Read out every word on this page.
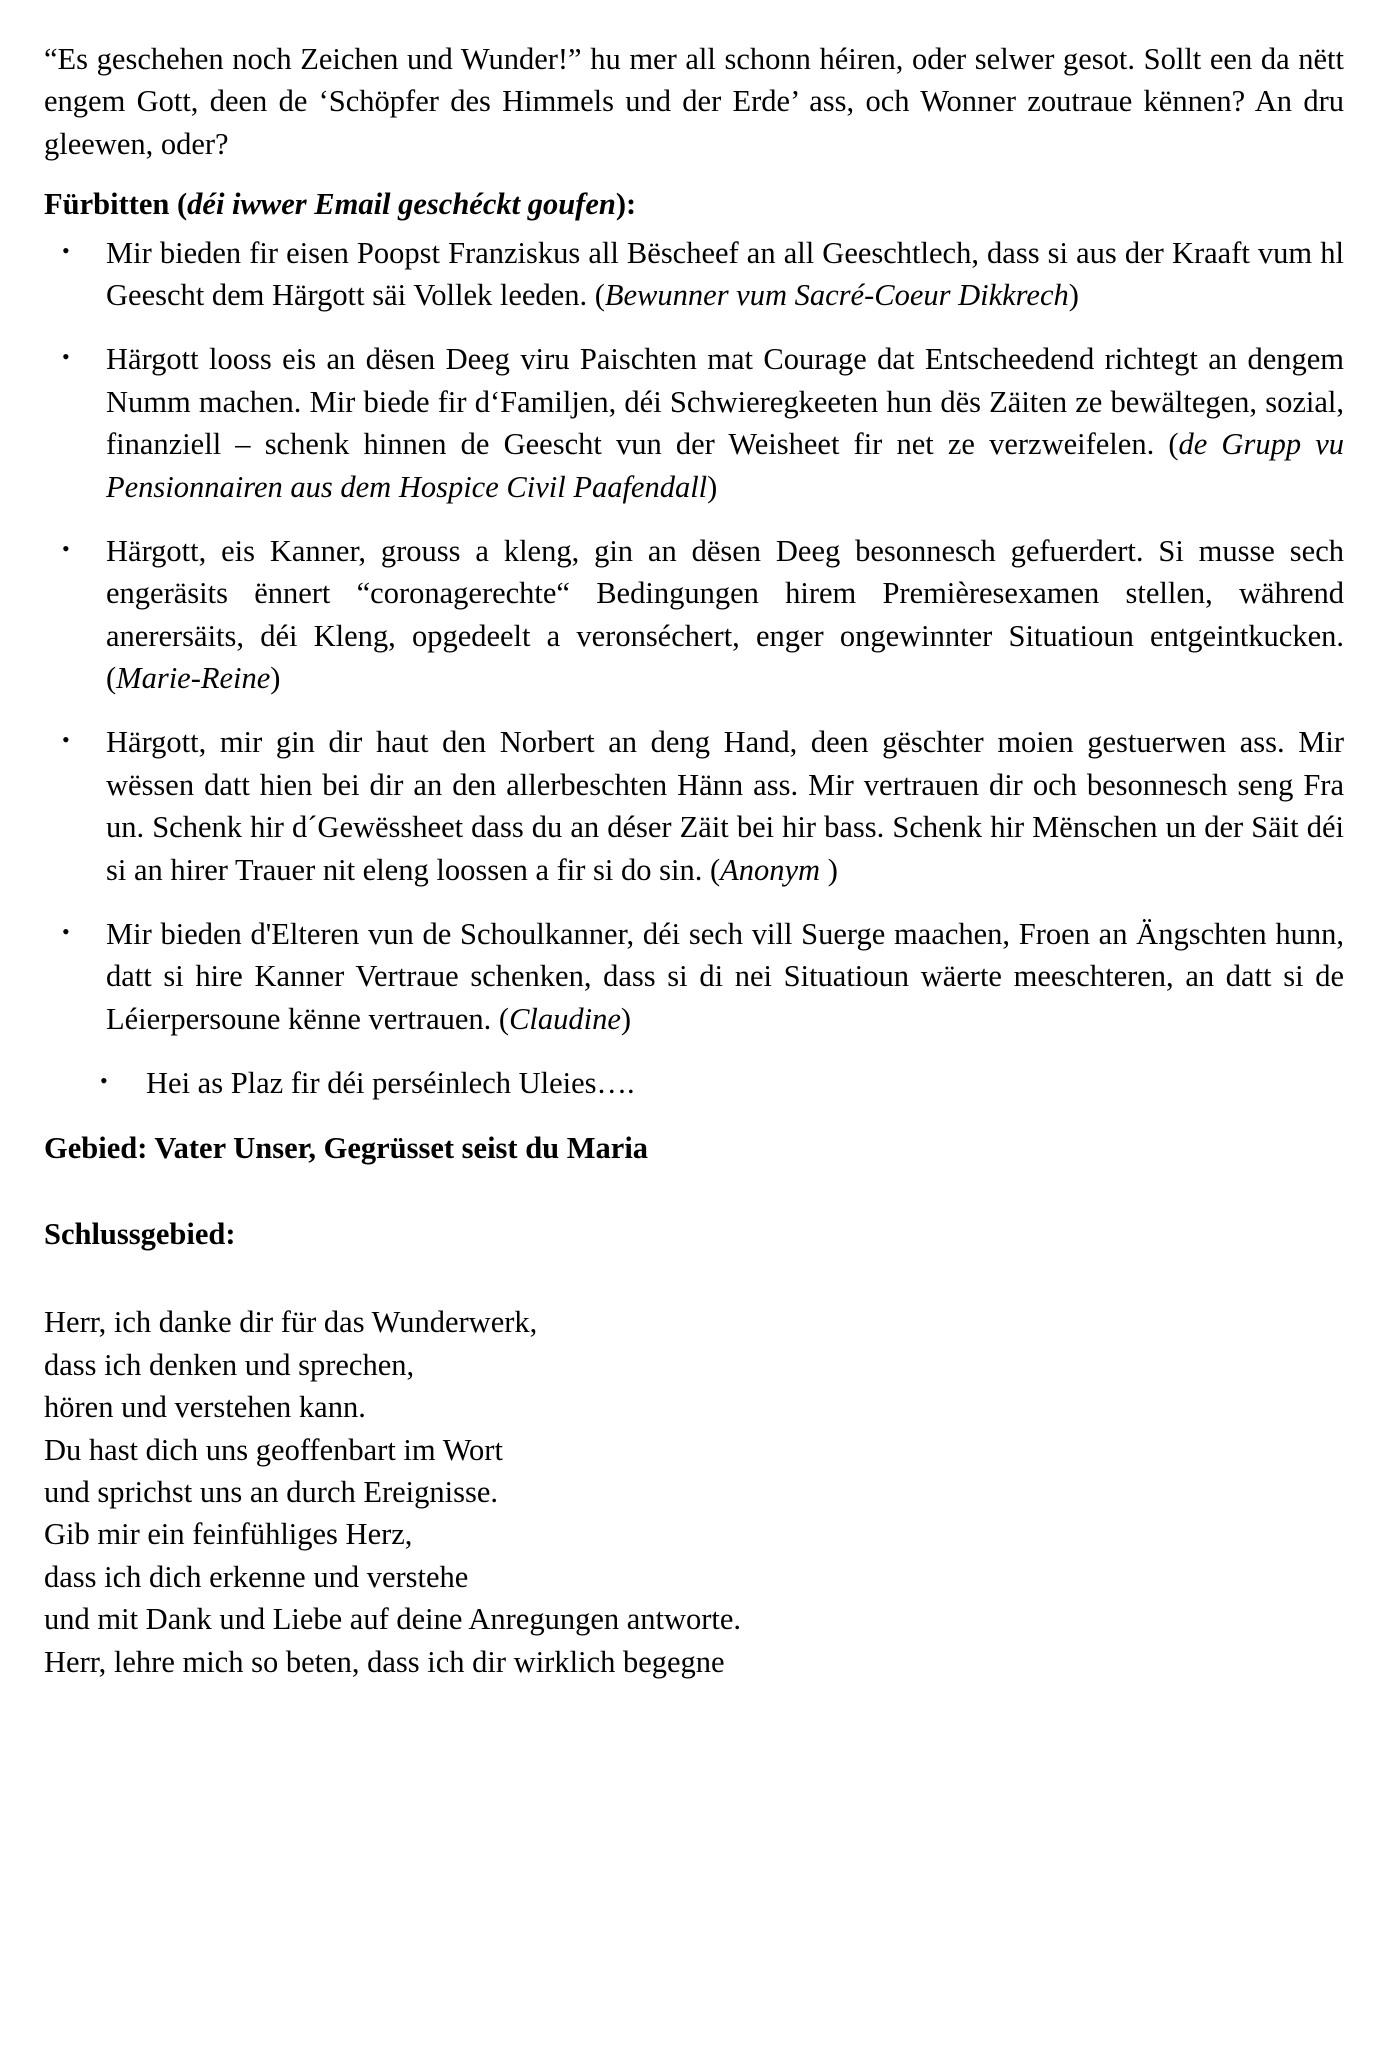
“Es geschehen noch Zeichen und Wunder!” hu mer all schonn héiren, oder selwer gesot. Sollt een da nëtt engem Gott, deen de ‘Schöpfer des Himmels und der Erde’ ass, och Wonner zoutraue kënnen? An dru gleewen, oder?

Fürbitten (déi iwwer Email geschéckt goufen):

• Mir bieden fir eisen Poopst Franziskus all Bëscheef an all Geeschtlech, dass si aus der Kraaft vum hl Geescht dem Härgott säi Vollek leeden. (Bewunner vum Sacré-Coeur Dikkrech)
• Härgott looss eis an dësen Deeg viru Paischten mat Courage dat Entscheedend richtegt an dengem Numm machen. Mir biede fir d‘Familjen, déi Schwieregkeeten hun dës Zäiten ze bewältegen, sozial, finanziell – schenk hinnen de Geescht vun der Weisheet fir net ze verzweifelen. (de Grupp vu Pensionnairen aus dem Hospice Civil Paafendall)
• Härgott, eis Kanner, grouss a kleng, gin an dësen Deeg besonnesch gefuerdert. Si musse sech engeräsits ënnert “coronagerechte“ Bedingungen hirem Premièresexamen stellen, während anerersäits, déi Kleng, opgedeelt a veronséchert, enger ongewinnter Situatioun entgeintkucken. (Marie-Reine)
• Härgott, mir gin dir haut den Norbert an deng Hand, deen gëschter moien gestuerwen ass. Mir wëssen datt hien bei dir an den allerbeschten Hänn ass. Mir vertrauen dir och besonnesch seng Fra un. Schenk hir d´Gewëssheet dass du an déser Zäit bei hir bass. Schenk hir Mënschen un der Säit déi si an hirer Trauer nit eleng loossen a fir si do sin. (Anonym )
• Mir bieden d'Elteren vun de Schoulkanner, déi sech vill Suerge maachen, Froen an Ängschten hunn, datt si hire Kanner Vertraue schenken, dass si di nei Situatioun wäerte meeschteren, an datt si de Léierpersoune kënne vertrauen. (Claudine)
• Hei as Plaz fir déi perséinlech Uleies….

Gebied: Vater Unser, Gegrüsset seist du Maria

Schlussgebied:

Herr, ich danke dir für das Wunderwerk,
dass ich denken und sprechen,
hören und verstehen kann.
Du hast dich uns geoffenbart im Wort
und sprichst uns an durch Ereignisse.
Gib mir ein feinfühliges Herz,
dass ich dich erkenne und verstehe
und mit Dank und Liebe auf deine Anregungen antworte.
Herr, lehre mich so beten, dass ich dir wirklich begegne
